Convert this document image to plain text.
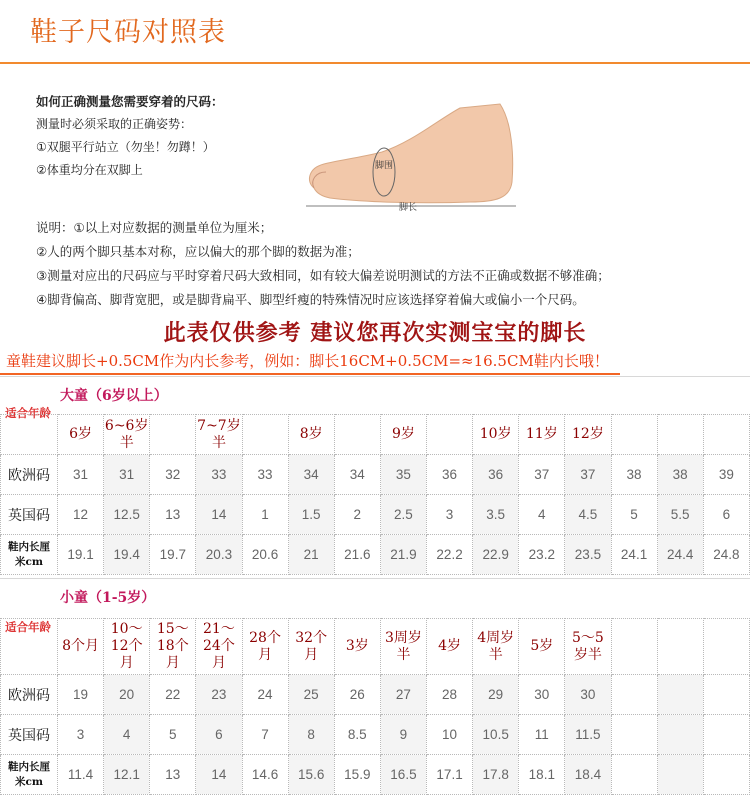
鞋子尺码对照表
如何正确测量您需要穿着的尺码：
测量时必须采取的正确姿势：
①双腿平行站立（勿坐！勿蹲！）
②体重均分在双脚上	脚围
脚长
说明：①以上对应数据的测量单位为厘米；
②人的两个脚只基本对称，应以偏大的那个脚的数据为准；
③测量对应出的尺码应与平时穿着尺码大致相同，如有较大偏差说明测试的方法不正确或数据不够准确；
④脚背偏高、脚背宽肥，或是脚背扁平、脚型纤瘦的特殊情况时应该选择穿着偏大或偏小一个尺码。
此表仅供参考 建议您再次实测宝宝的脚长
童鞋建议脚长+0.5CM作为内长参考，例如：脚长16CM+0.5CM=≈16.5CM鞋内长哦！
大童（6岁以上）
适合年龄
	6岁	6~6岁半		7~7岁半		8岁		9岁		10岁	11岁	12岁			
欧洲码	31	31	32	33	33	34	34	35	36	36	37	37	38	38	39
英国码	12	12.5	13	14	1	1.5	2	2.5	3	3.5	4	4.5	5	5.5	6
鞋内长厘
米cm	19.1	19.4	19.7	20.3	20.6	21	21.6	21.9	22.2	22.9	23.2	23.5	24.1	24.4	24.8
小童（1-5岁）
适合年龄
	8个月	10～12个月	15～18个月	21～24个月	28个月	32个月	3岁	3周岁半	4岁	4周岁半	5岁	5～5岁半			
欧洲码	19	20	22	23	24	25	26	27	28	29	30	30			
英国码	3	4	5	6	7	8	8.5	9	10	10.5	11	11.5			
鞋内长厘
米cm	11.4	12.1	13	14	14.6	15.6	15.9	16.5	17.1	17.8	18.1	18.4			
